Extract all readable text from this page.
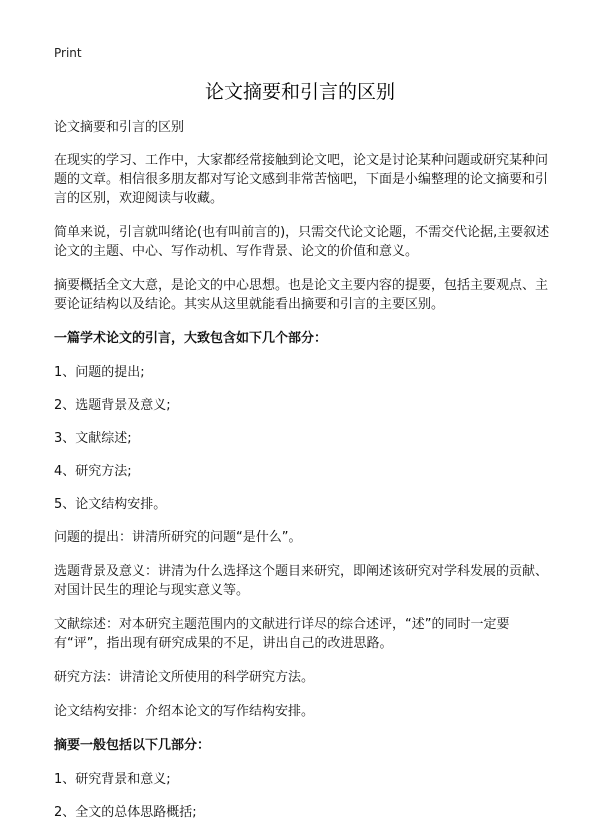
Print
论文摘要和引言的区别

论文摘要和引言的区别

在现实的学习、工作中，大家都经常接触到论文吧，论文是讨论某种问题或研究某种问题的文章。相信很多朋友都对写论文感到非常苦恼吧，下面是小编整理的论文摘要和引言的区别，欢迎阅读与收藏。

简单来说，引言就叫绪论(也有叫前言的)，只需交代论文论题，不需交代论据,主要叙述论文的主题、中心、写作动机、写作背景、论文的价值和意义。

摘要概括全文大意，是论文的中心思想。也是论文主要内容的提要，包括主要观点、主要论证结构以及结论。其实从这里就能看出摘要和引言的主要区别。

一篇学术论文的引言，大致包含如下几个部分：

1、问题的提出;

2、选题背景及意义;

3、文献综述;

4、研究方法;

5、论文结构安排。

问题的提出：讲清所研究的问题“是什么”。

选题背景及意义：讲清为什么选择这个题目来研究，即阐述该研究对学科发展的贡献、对国计民生的理论与现实意义等。

文献综述：对本研究主题范围内的文献进行详尽的综合述评，“述”的同时一定要有“评”，指出现有研究成果的不足，讲出自己的改进思路。

研究方法：讲清论文所使用的科学研究方法。

论文结构安排：介绍本论文的写作结构安排。

摘要一般包括以下几部分：

1、研究背景和意义;

2、全文的总体思路概括;
